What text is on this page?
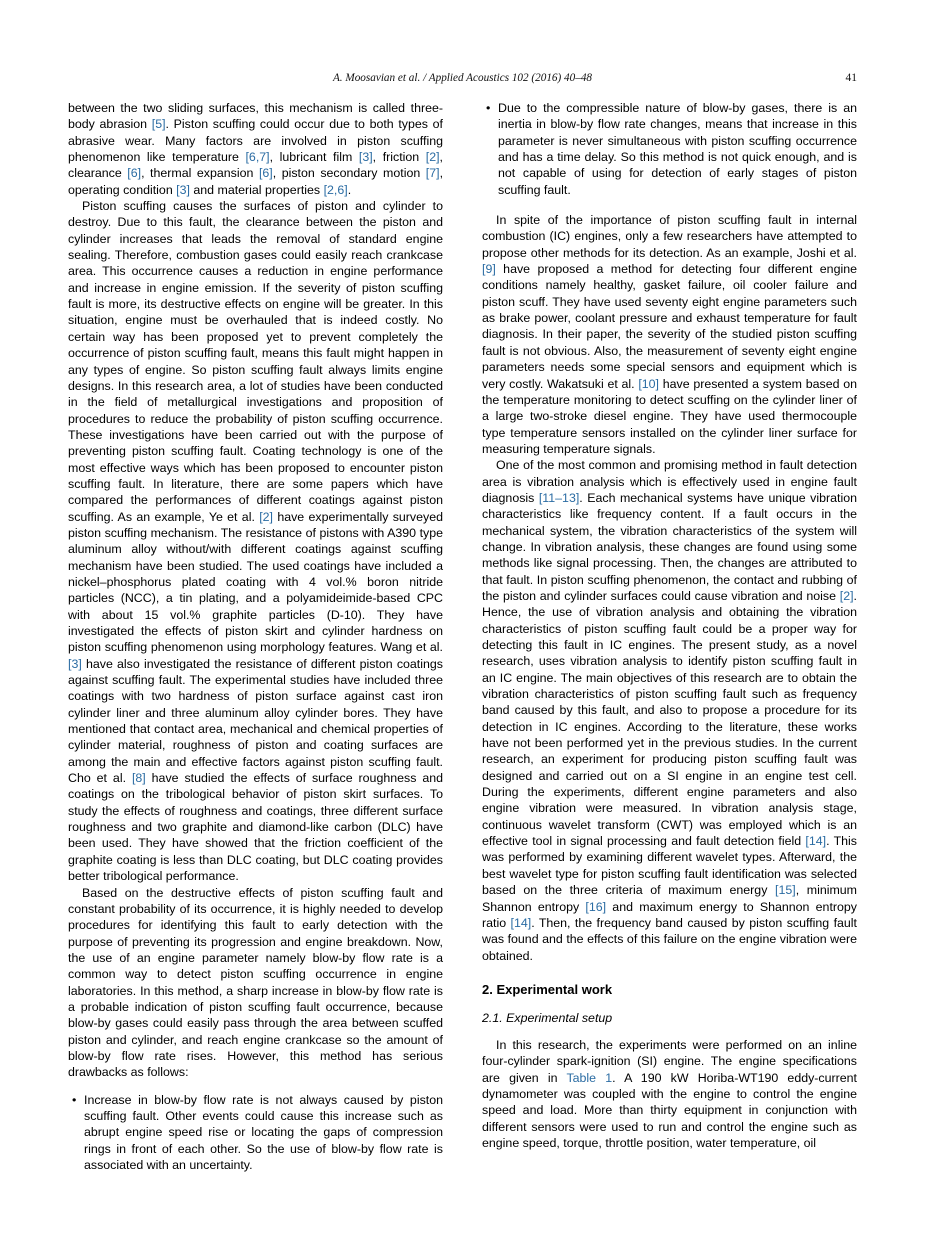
A. Moosavian et al. / Applied Acoustics 102 (2016) 40–48	41

between the two sliding surfaces, this mechanism is called three-body abrasion [5]. Piston scuffing could occur due to both types of abrasive wear. Many factors are involved in piston scuffing phenomenon like temperature [6,7], lubricant film [3], friction [2], clearance [6], thermal expansion [6], piston secondary motion [7], operating condition [3] and material properties [2,6].

Piston scuffing causes the surfaces of piston and cylinder to destroy. Due to this fault, the clearance between the piston and cylinder increases that leads the removal of standard engine sealing. Therefore, combustion gases could easily reach crankcase area. This occurrence causes a reduction in engine performance and increase in engine emission. If the severity of piston scuffing fault is more, its destructive effects on engine will be greater. In this situation, engine must be overhauled that is indeed costly. No certain way has been proposed yet to prevent completely the occurrence of piston scuffing fault, means this fault might happen in any types of engine. So piston scuffing fault always limits engine designs. In this research area, a lot of studies have been conducted in the field of metallurgical investigations and proposition of procedures to reduce the probability of piston scuffing occurrence. These investigations have been carried out with the purpose of preventing piston scuffing fault. Coating technology is one of the most effective ways which has been proposed to encounter piston scuffing fault. In literature, there are some papers which have compared the performances of different coatings against piston scuffing. As an example, Ye et al. [2] have experimentally surveyed piston scuffing mechanism. The resistance of pistons with A390 type aluminum alloy without/with different coatings against scuffing mechanism have been studied. The used coatings have included a nickel–phosphorus plated coating with 4 vol.% boron nitride particles (NCC), a tin plating, and a polyamideimide-based CPC with about 15 vol.% graphite particles (D-10). They have investigated the effects of piston skirt and cylinder hardness on piston scuffing phenomenon using morphology features. Wang et al. [3] have also investigated the resistance of different piston coatings against scuffing fault. The experimental studies have included three coatings with two hardness of piston surface against cast iron cylinder liner and three aluminum alloy cylinder bores. They have mentioned that contact area, mechanical and chemical properties of cylinder material, roughness of piston and coating surfaces are among the main and effective factors against piston scuffing fault. Cho et al. [8] have studied the effects of surface roughness and coatings on the tribological behavior of piston skirt surfaces. To study the effects of roughness and coatings, three different surface roughness and two graphite and diamond-like carbon (DLC) have been used. They have showed that the friction coefficient of the graphite coating is less than DLC coating, but DLC coating provides better tribological performance.

Based on the destructive effects of piston scuffing fault and constant probability of its occurrence, it is highly needed to develop procedures for identifying this fault to early detection with the purpose of preventing its progression and engine breakdown. Now, the use of an engine parameter namely blow-by flow rate is a common way to detect piston scuffing occurrence in engine laboratories. In this method, a sharp increase in blow-by flow rate is a probable indication of piston scuffing fault occurrence, because blow-by gases could easily pass through the area between scuffed piston and cylinder, and reach engine crankcase so the amount of blow-by flow rate rises. However, this method has serious drawbacks as follows:

• Increase in blow-by flow rate is not always caused by piston scuffing fault. Other events could cause this increase such as abrupt engine speed rise or locating the gaps of compression rings in front of each other. So the use of blow-by flow rate is associated with an uncertainty.
• Due to the compressible nature of blow-by gases, there is an inertia in blow-by flow rate changes, means that increase in this parameter is never simultaneous with piston scuffing occurrence and has a time delay. So this method is not quick enough, and is not capable of using for detection of early stages of piston scuffing fault.

In spite of the importance of piston scuffing fault in internal combustion (IC) engines, only a few researchers have attempted to propose other methods for its detection. As an example, Joshi et al. [9] have proposed a method for detecting four different engine conditions namely healthy, gasket failure, oil cooler failure and piston scuff. They have used seventy eight engine parameters such as brake power, coolant pressure and exhaust temperature for fault diagnosis. In their paper, the severity of the studied piston scuffing fault is not obvious. Also, the measurement of seventy eight engine parameters needs some special sensors and equipment which is very costly. Wakatsuki et al. [10] have presented a system based on the temperature monitoring to detect scuffing on the cylinder liner of a large two-stroke diesel engine. They have used thermocouple type temperature sensors installed on the cylinder liner surface for measuring temperature signals.

One of the most common and promising method in fault detection area is vibration analysis which is effectively used in engine fault diagnosis [11–13]. Each mechanical systems have unique vibration characteristics like frequency content. If a fault occurs in the mechanical system, the vibration characteristics of the system will change. In vibration analysis, these changes are found using some methods like signal processing. Then, the changes are attributed to that fault. In piston scuffing phenomenon, the contact and rubbing of the piston and cylinder surfaces could cause vibration and noise [2]. Hence, the use of vibration analysis and obtaining the vibration characteristics of piston scuffing fault could be a proper way for detecting this fault in IC engines. The present study, as a novel research, uses vibration analysis to identify piston scuffing fault in an IC engine. The main objectives of this research are to obtain the vibration characteristics of piston scuffing fault such as frequency band caused by this fault, and also to propose a procedure for its detection in IC engines. According to the literature, these works have not been performed yet in the previous studies. In the current research, an experiment for producing piston scuffing fault was designed and carried out on a SI engine in an engine test cell. During the experiments, different engine parameters and also engine vibration were measured. In vibration analysis stage, continuous wavelet transform (CWT) was employed which is an effective tool in signal processing and fault detection field [14]. This was performed by examining different wavelet types. Afterward, the best wavelet type for piston scuffing fault identification was selected based on the three criteria of maximum energy [15], minimum Shannon entropy [16] and maximum energy to Shannon entropy ratio [14]. Then, the frequency band caused by piston scuffing fault was found and the effects of this failure on the engine vibration were obtained.

2. Experimental work
2.1. Experimental setup

In this research, the experiments were performed on an inline four-cylinder spark-ignition (SI) engine. The engine specifications are given in Table 1. A 190 kW Horiba-WT190 eddy-current dynamometer was coupled with the engine to control the engine speed and load. More than thirty equipment in conjunction with different sensors were used to run and control the engine such as engine speed, torque, throttle position, water temperature, oil
